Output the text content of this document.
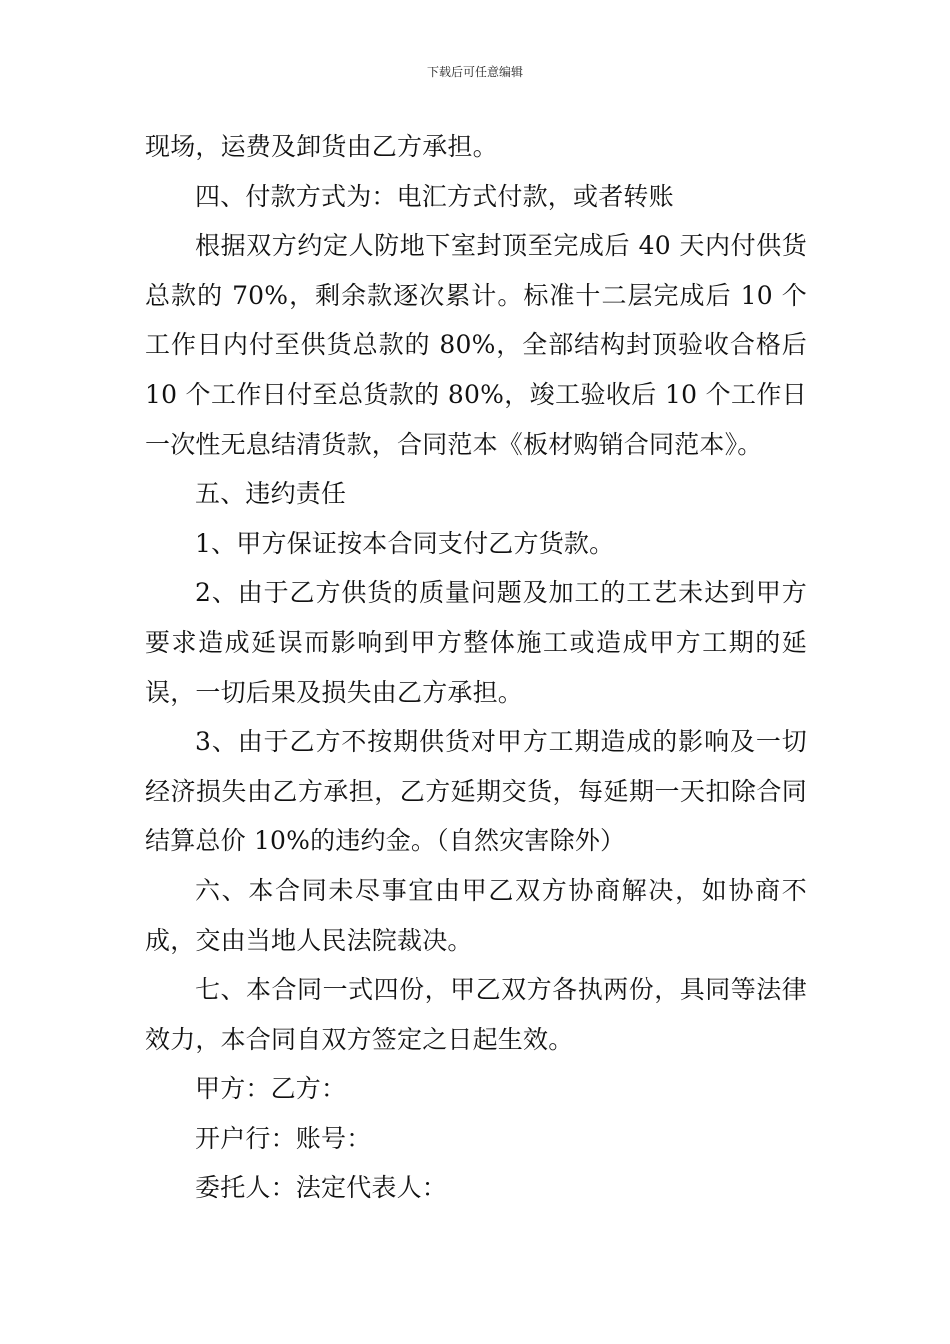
下载后可任意编辑

现场，运费及卸货由乙方承担。

四、付款方式为：电汇方式付款，或者转账

根据双方约定人防地下室封顶至完成后 40 天内付供货总款的 70%，剩余款逐次累计。标准十二层完成后 10 个工作日内付至供货总款的 80%，全部结构封顶验收合格后 10 个工作日付至总货款的 80%，竣工验收后 10 个工作日一次性无息结清货款，合同范本《板材购销合同范本》。

五、违约责任

1、甲方保证按本合同支付乙方货款。

2、由于乙方供货的质量问题及加工的工艺未达到甲方要求造成延误而影响到甲方整体施工或造成甲方工期的延误，一切后果及损失由乙方承担。

3、由于乙方不按期供货对甲方工期造成的影响及一切经济损失由乙方承担，乙方延期交货，每延期一天扣除合同结算总价 10%的违约金。（自然灾害除外）

六、本合同未尽事宜由甲乙双方协商解决，如协商不成，交由当地人民法院裁决。

七、本合同一式四份，甲乙双方各执两份，具同等法律效力，本合同自双方签定之日起生效。

甲方：乙方：

开户行：账号：

委托人：法定代表人：
